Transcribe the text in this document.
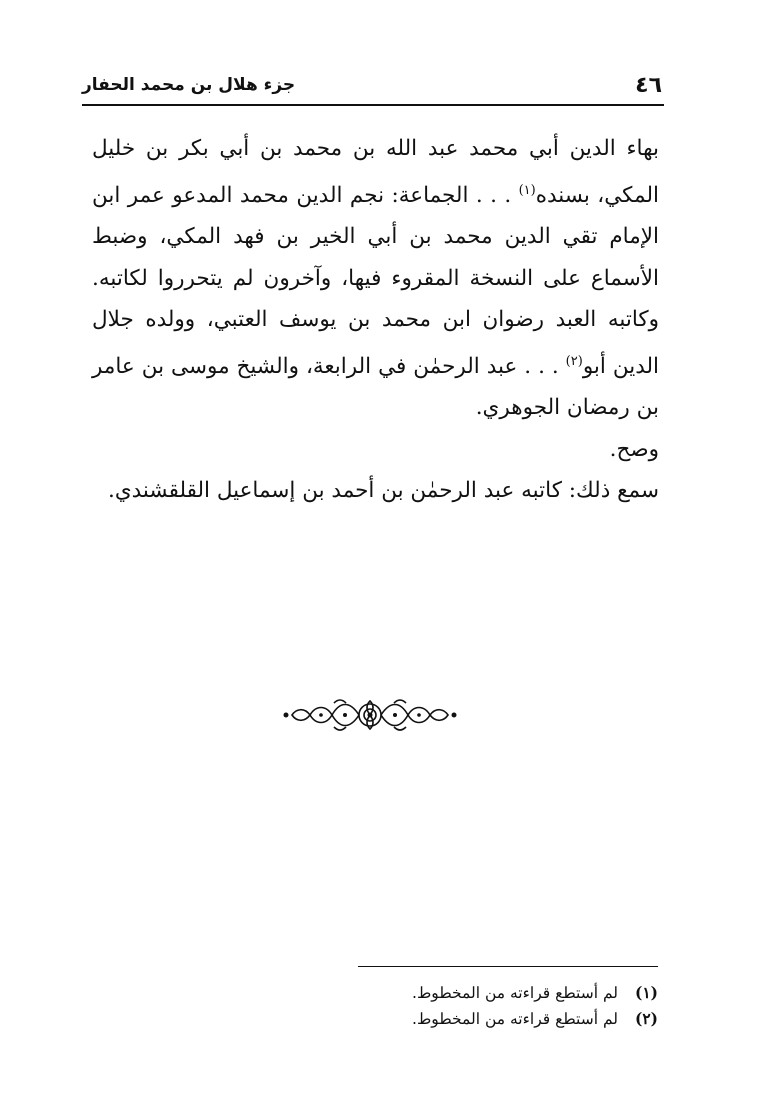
٤٦
جزء هلال بن محمد الحفار

بهاء الدين أبي محمد عبد الله بن محمد بن أبي بكر بن خليل المكي، بسنده$^{(١)}$ . . . الجماعة: نجم الدين محمد المدعو عمر ابن الإمام تقي الدين محمد بن أبي الخير بن فهد المكي، وضبط الأسماع على النسخة المقروء فيها، وآخرون لم يتحرروا لكاتبه. وكاتبه العبد رضوان ابن محمد بن يوسف العتبي، وولده جلال الدين أبو$^{(٢)}$ . . . عبد الرحمٰن في الرابعة، والشيخ موسى بن عامر بن رمضان الجوهري.

وصح.

سمع ذلك: كاتبه عبد الرحمٰن بن أحمد بن إسماعيل القلقشندي.

(١)
لم أستطع قراءته من المخطوط.
(٢)
لم أستطع قراءته من المخطوط.
